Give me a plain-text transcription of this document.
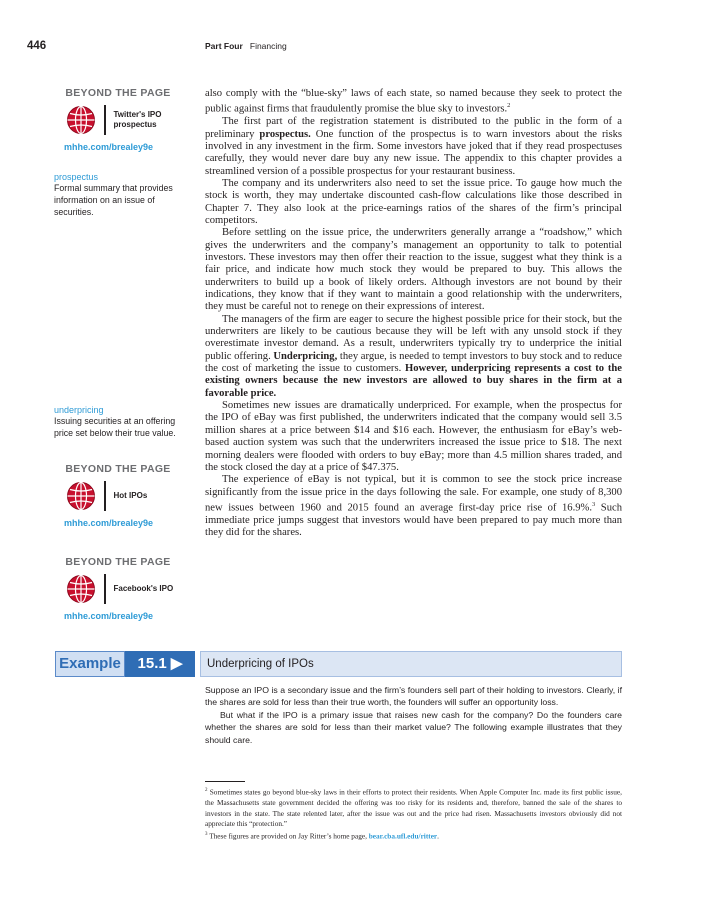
446	Part Four Financing
BEYOND THE PAGE
Twitter's IPO
prospectus
mhhe.com/brealey9e
prospectus
Formal summary that provides information on an issue of securities.
underpricing
Issuing securities at an offering price set below their true value.
BEYOND THE PAGE
Hot IPOs
mhhe.com/brealey9e
BEYOND THE PAGE
Facebook's IPO
mhhe.com/brealey9e

also comply with the “blue-sky” laws of each state, so named because they seek to protect the public against firms that fraudulently promise the blue sky to investors.$^2$

The first part of the registration statement is distributed to the public in the form of a preliminary prospectus. One function of the prospectus is to warn investors about the risks involved in any investment in the firm. Some investors have joked that if they read prospectuses carefully, they would never dare buy any new issue. The appendix to this chapter provides a streamlined version of a possible prospectus for your restaurant business.

The company and its underwriters also need to set the issue price. To gauge how much the stock is worth, they may undertake discounted cash-flow calculations like those described in Chapter 7. They also look at the price-earnings ratios of the shares of the firm’s principal competitors.

Before settling on the issue price, the underwriters generally arrange a “roadshow,” which gives the underwriters and the company’s management an opportunity to talk to potential investors. These investors may then offer their reaction to the issue, suggest what they think is a fair price, and indicate how much stock they would be prepared to buy. This allows the underwriters to build up a book of likely orders. Although investors are not bound by their indications, they know that if they want to maintain a good relationship with the underwriters, they must be careful not to renege on their expressions of interest.

The managers of the firm are eager to secure the highest possible price for their stock, but the underwriters are likely to be cautious because they will be left with any unsold stock if they overestimate investor demand. As a result, underwriters typically try to underprice the initial public offering. Underpricing, they argue, is needed to tempt investors to buy stock and to reduce the cost of marketing the issue to customers. However, underpricing represents a cost to the existing owners because the new investors are allowed to buy shares in the firm at a favorable price.

Sometimes new issues are dramatically underpriced. For example, when the prospectus for the IPO of eBay was first published, the underwriters indicated that the company would sell 3.5 million shares at a price between $14 and $16 each. However, the enthusiasm for eBay’s web-based auction system was such that the underwriters increased the issue price to $18. The next morning dealers were flooded with orders to buy eBay; more than 4.5 million shares traded, and the stock closed the day at a price of $47.375.

The experience of eBay is not typical, but it is common to see the stock price increase significantly from the issue price in the days following the sale. For example, one study of 8,300 new issues between 1960 and 2015 found an average first-day price rise of 16.9%.$^3$ Such immediate price jumps suggest that investors would have been prepared to pay much more than they did for the shares.

Example	15.1 ▶	Underpricing of IPOs

Suppose an IPO is a secondary issue and the firm’s founders sell part of their holding to investors. Clearly, if the shares are sold for less than their true worth, the founders will suffer an opportunity loss.

But what if the IPO is a primary issue that raises new cash for the company? Do the founders care whether the shares are sold for less than their market value? The following example illustrates that they should care.

$^2$ Sometimes states go beyond blue-sky laws in their efforts to protect their residents. When Apple Computer Inc. made its first public issue, the Massachusetts state government decided the offering was too risky for its residents and, therefore, banned the sale of the shares to investors in the state. The state relented later, after the issue was out and the price had risen. Massachusetts investors obviously did not appreciate this “protection.”

$^3$ These figures are provided on Jay Ritter’s home page, bear.cba.ufl.edu/ritter.
